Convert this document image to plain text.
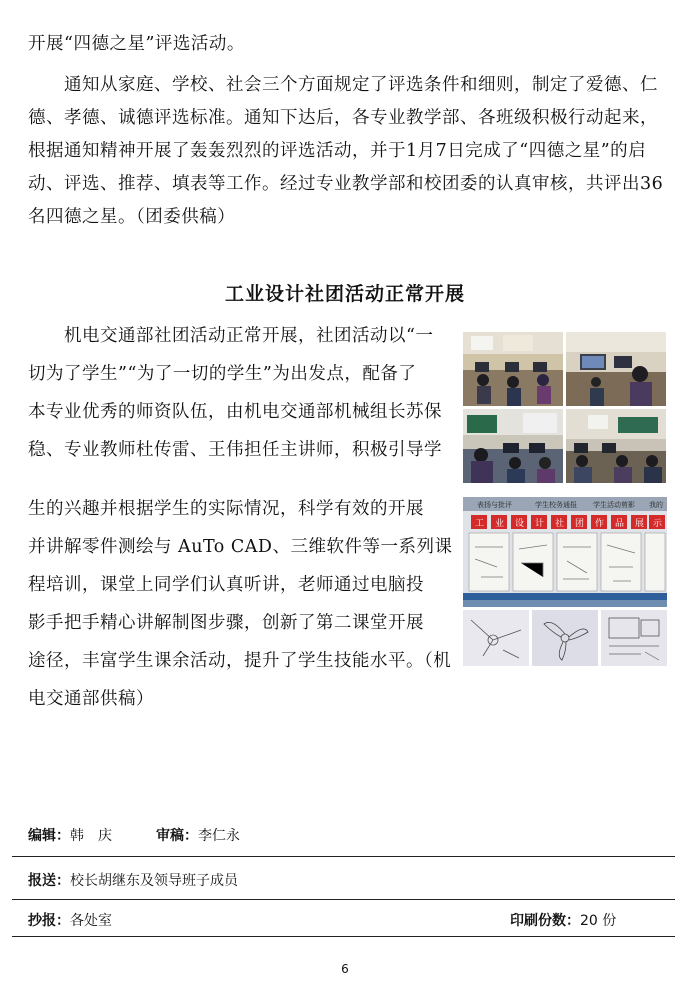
开展“四德之星”评选活动。

通知从家庭、学校、社会三个方面规定了评选条件和细则，制定了爱德、仁德、孝德、诚德评选标准。通知下达后，各专业教学部、各班级积极行动起来，根据通知精神开展了轰轰烈烈的评选活动，并于1月7日完成了“四德之星”的启动、评选、推荐、填表等工作。经过专业教学部和校团委的认真审核，共评出36名四德之星。（团委供稿）

工业设计社团活动正常开展

机电交通部社团活动正常开展，社团活动以“一

切为了学生”“为了一切的学生”为出发点，配备了

本专业优秀的师资队伍，由机电交通部机械组长苏保

稳、专业教师杜传雷、王伟担任主讲师，积极引导学

生的兴趣并根据学生的实际情况，科学有效的开展

并讲解零件测绘与 AuTo CAD、三维软件等一系列课

程培训，课堂上同学们认真听讲，老师通过电脑投

影手把手精心讲解制图步骤，创新了第二课堂开展

途径，丰富学生课余活动，提升了学生技能水平。（机

电交通部供稿）

表扬与批评	学生校务通报 学生活动剪影 我的
工 业 设 计 社 团 作 品 展 示
编辑：韩　庆	审稿：李仁永
报送：校长胡继东及领导班子成员
抄报：各处室	印刷份数：20 份
6
